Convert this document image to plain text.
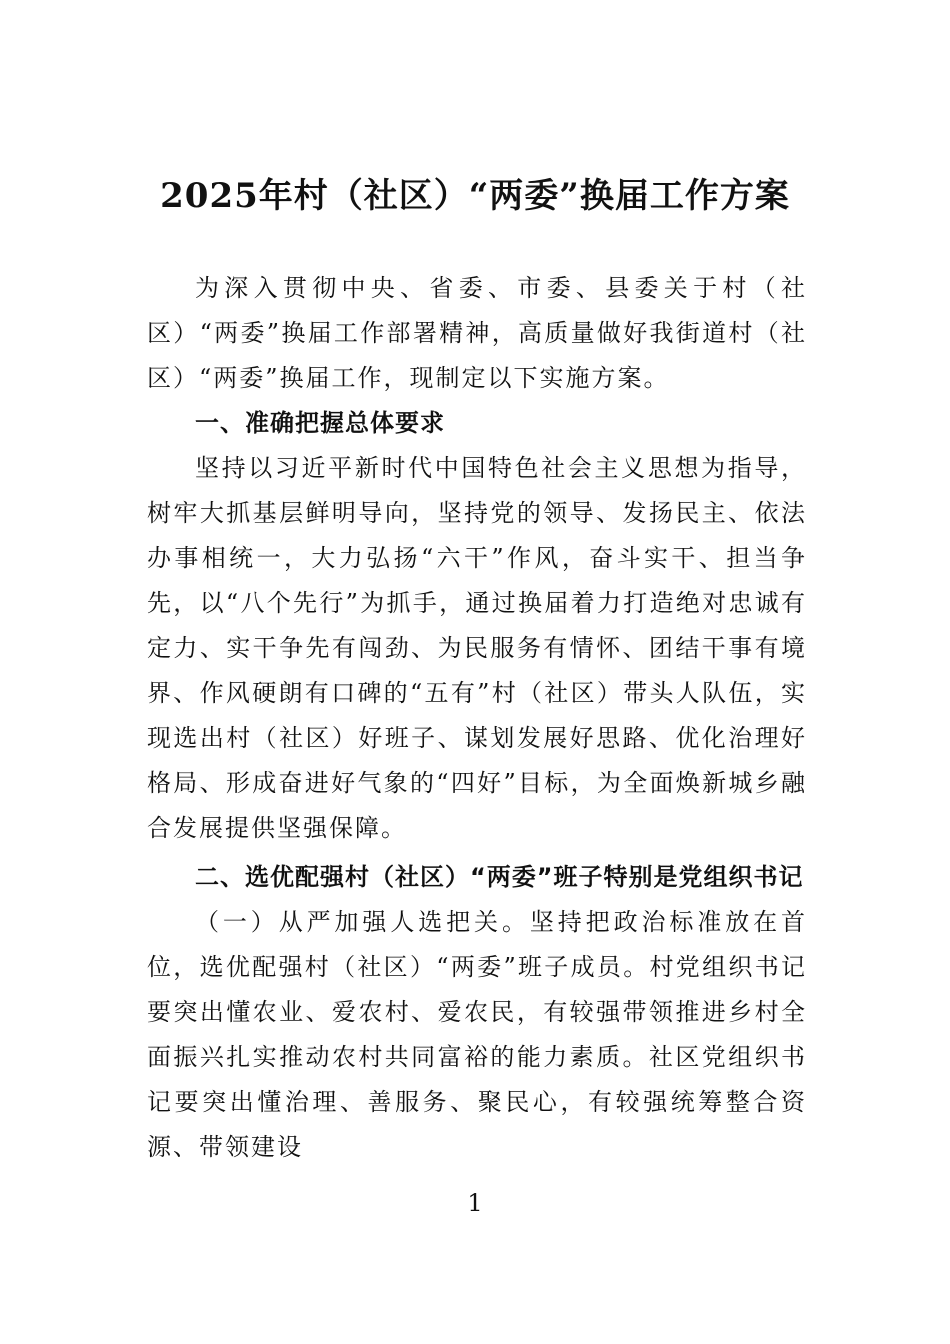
2025年村（社区）“两委”换届工作方案

为深入贯彻中央、省委、市委、县委关于村（社区）“两委”换届工作部署精神，高质量做好我街道村（社区）“两委”换届工作，现制定以下实施方案。

一、准确把握总体要求

坚持以习近平新时代中国特色社会主义思想为指导，树牢大抓基层鲜明导向，坚持党的领导、发扬民主、依法办事相统一，大力弘扬“六干”作风，奋斗实干、担当争先，以“八个先行”为抓手，通过换届着力打造绝对忠诚有定力、实干争先有闯劲、为民服务有情怀、团结干事有境界、作风硬朗有口碑的“五有”村（社区）带头人队伍，实现选出村（社区）好班子、谋划发展好思路、优化治理好格局、形成奋进好气象的“四好”目标，为全面焕新城乡融合发展提供坚强保障。

二、选优配强村（社区）“两委”班子特别是党组织书记

（一）从严加强人选把关。坚持把政治标准放在首位，选优配强村（社区）“两委”班子成员。村党组织书记要突出懂农业、爱农村、爱农民，有较强带领推进乡村全面振兴扎实推动农村共同富裕的能力素质。社区党组织书记要突出懂治理、善服务、聚民心，有较强统筹整合资源、带领建设

1
